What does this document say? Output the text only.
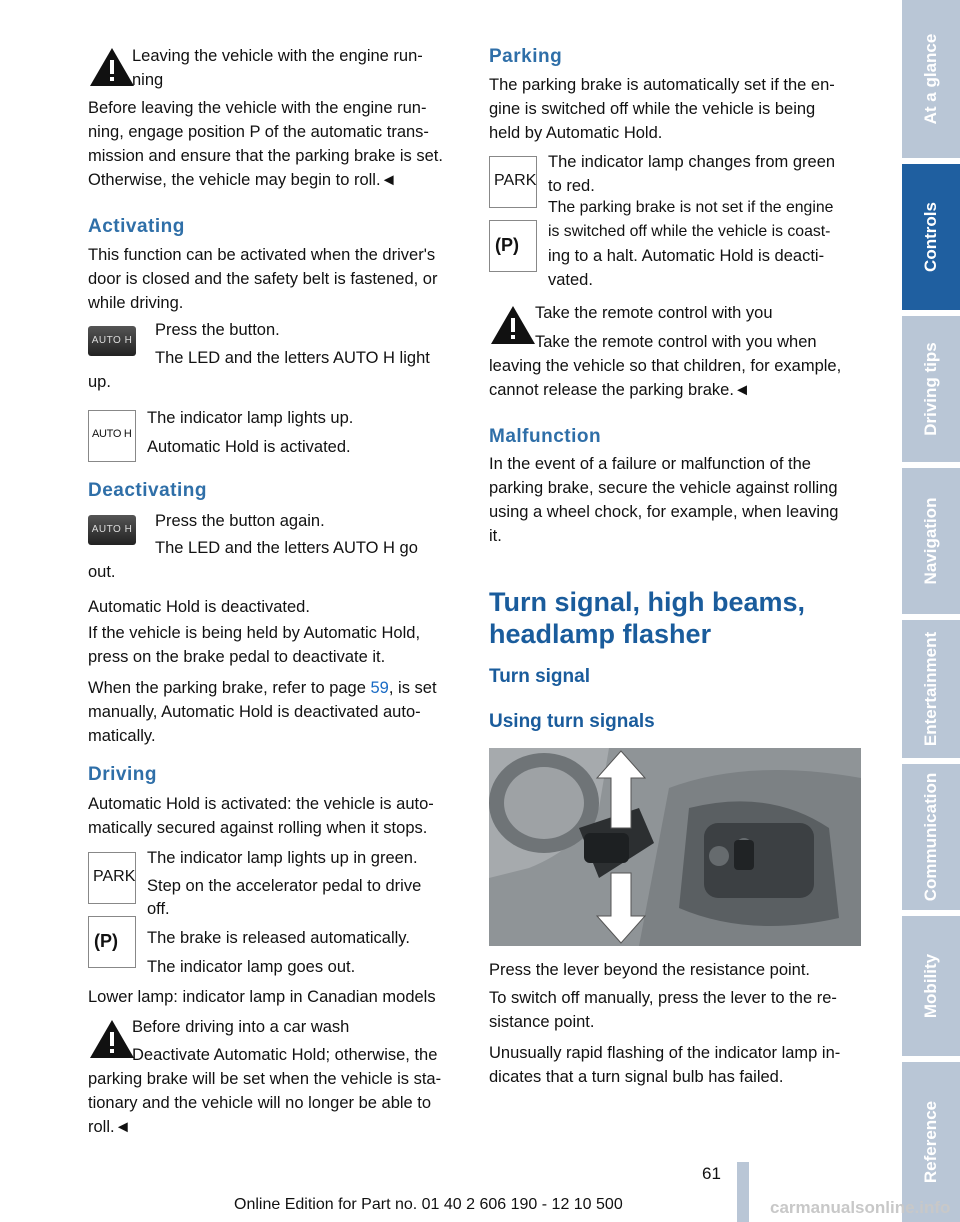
Leaving the vehicle with the engine run-

ning

Before leaving the vehicle with the engine run-

ning, engage position P of the automatic trans-

mission and ensure that the parking brake is set.

Otherwise, the vehicle may begin to roll.◄

Activating

This function can be activated when the driver's

door is closed and the safety belt is fastened, or

while driving.

AUTO H

Press the button.

The LED and the letters AUTO H light

up.

AUTO H

The indicator lamp lights up.

Automatic Hold is activated.

Deactivating
AUTO H Press the button again.

The LED and the letters AUTO H go

out.

Automatic Hold is deactivated.

If the vehicle is being held by Automatic Hold,

press on the brake pedal to deactivate it.

When the parking brake, refer to page 59, is set

manually, Automatic Hold is deactivated auto-

matically.

Driving

Automatic Hold is activated: the vehicle is auto-

matically secured against rolling when it stops.

PARK

The indicator lamp lights up in green.

Step on the accelerator pedal to drive

off.

(P) The brake is released automatically.

The indicator lamp goes out.

Lower lamp: indicator lamp in Canadian models

Before driving into a car wash

Deactivate Automatic Hold; otherwise, the

parking brake will be set when the vehicle is sta-

tionary and the vehicle will no longer be able to

roll.◄

Parking

The parking brake is automatically set if the en-

gine is switched off while the vehicle is being

held by Automatic Hold.

PARK

The indicator lamp changes from green

to red.

(P)

The parking brake is not set if the engine

is switched off while the vehicle is coast-

ing to a halt. Automatic Hold is deacti-

vated.

Take the remote control with you

Take the remote control with you when

leaving the vehicle so that children, for example,

cannot release the parking brake.◄

Malfunction

In the event of a failure or malfunction of the

parking brake, secure the vehicle against rolling

using a wheel chock, for example, when leaving

it.

Turn signal, high beams,
headlamp flasher
Turn signal
Using turn signals

Press the lever beyond the resistance point.

To switch off manually, press the lever to the re-

sistance point.

Unusually rapid flashing of the indicator lamp in-

dicates that a turn signal bulb has failed.

At a glance
Controls
Driving tips
Navigation
Entertainment
Communication
Mobility
Reference
61
Online Edition for Part no. 01 40 2 606 190 - 12 10 500	carmanualsonline.info
